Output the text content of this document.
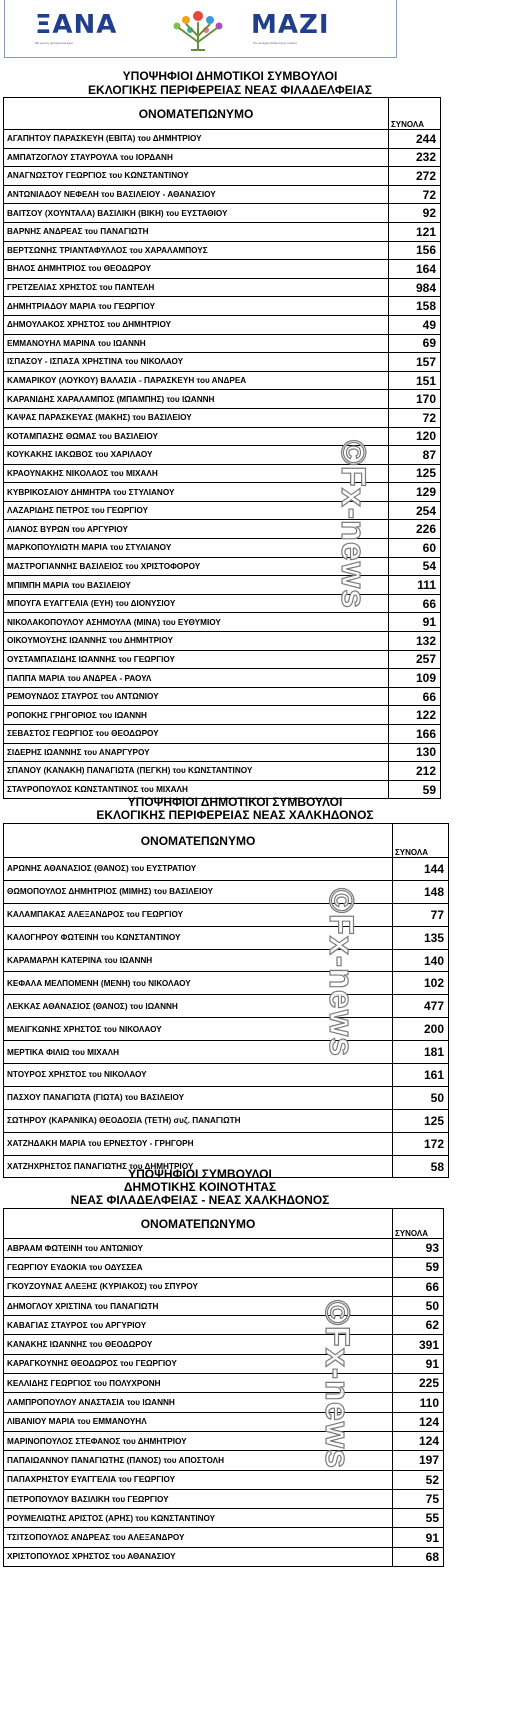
ΞΑΝΑ
Με γνώση, εμπειρία και έργο
ΜΑΖΙ
Για συνέχεια δίπλα στους πολίτες
ΥΠΟΨΗΦΙΟΙ ΔΗΜΟΤΙΚΟΙ ΣΥΜΒΟΥΛΟΙ
ΕΚΛΟΓΙΚΗΣ ΠΕΡΙΦΕΡΕΙΑΣ ΝΕΑΣ ΦΙΛΑΔΕΛΦΕΙΑΣ
ΟΝΟΜΑΤΕΠΩΝΥΜΟ	ΣΥΝΟΛΑ
ΑΓΑΠΗΤΟΥ ΠΑΡΑΣΚΕΥΗ (ΕΒΙΤΑ) του ΔΗΜΗΤΡΙΟΥ	244
ΑΜΠΑΤΖΟΓΛΟΥ ΣΤΑΥΡΟΥΛΑ του ΙΟΡΔΑΝΗ	232
ΑΝΑΓΝΩΣΤΟΥ ΓΕΩΡΓΙΟΣ του ΚΩΝΣΤΑΝΤΙΝΟΥ	272
ΑΝΤΩΝΙΑΔΟΥ ΝΕΦΕΛΗ του ΒΑΣΙΛΕΙΟΥ - ΑΘΑΝΑΣΙΟΥ	72
ΒΑΙΤΣΟΥ (ΧΟΥΝΤΑΛΑ) ΒΑΣΙΛΙΚΗ (ΒΙΚΗ) του ΕΥΣΤΑΘΙΟΥ	92
ΒΑΡΝΗΣ ΑΝΔΡΕΑΣ του ΠΑΝΑΓΙΩΤΗ	121
ΒΕΡΤΣΩΝΗΣ ΤΡΙΑΝΤΑΦΥΛΛΟΣ του ΧΑΡΑΛΑΜΠΟΥΣ	156
ΒΗΛΟΣ ΔΗΜΗΤΡΙΟΣ του ΘΕΟΔΩΡΟΥ	164
ΓΡΕΤΖΕΛΙΑΣ ΧΡΗΣΤΟΣ του ΠΑΝΤΕΛΗ	984
ΔΗΜΗΤΡΙΑΔΟΥ ΜΑΡΙΑ του ΓΕΩΡΓΙΟΥ	158
ΔΗΜΟΥΛΑΚΟΣ ΧΡΗΣΤΟΣ του ΔΗΜΗΤΡΙΟΥ	49
ΕΜΜΑΝΟΥΗΛ ΜΑΡΙΝΑ του ΙΩΑΝΝΗ	69
ΙΣΠΑΣΟΥ - ΙΣΠΑΣΑ ΧΡΗΣΤΙΝΑ του ΝΙΚΟΛΑΟΥ	157
ΚΑΜΑΡΙΚΟΥ (ΛΟΥΚΟΥ) ΒΑΛΑΣΙΑ - ΠΑΡΑΣΚΕΥΗ του ΑΝΔΡΕΑ	151
ΚΑΡΑΝΙΔΗΣ ΧΑΡΑΛΑΜΠΟΣ (ΜΠΑΜΠΗΣ) του ΙΩΑΝΝΗ	170
ΚΑΨΑΣ ΠΑΡΑΣΚΕΥΑΣ (ΜΑΚΗΣ) του ΒΑΣΙΛΕΙΟΥ	72
ΚΟΤΑΜΠΑΣΗΣ ΘΩΜΑΣ του ΒΑΣΙΛΕΙΟΥ	120
ΚΟΥΚΑΚΗΣ ΙΑΚΩΒΟΣ του ΧΑΡΙΛΑΟΥ	87
ΚΡΑΟΥΝΑΚΗΣ ΝΙΚΟΛΑΟΣ του ΜΙΧΑΛΗ	125
ΚΥΒΡΙΚΟΣΑΙΟΥ ΔΗΜΗΤΡΑ του ΣΤΥΛΙΑΝΟΥ	129
ΛΑΖΑΡΙΔΗΣ ΠΕΤΡΟΣ του ΓΕΩΡΓΙΟΥ	254
ΛΙΑΝΟΣ ΒΥΡΩΝ του ΑΡΓΥΡΙΟΥ	226
ΜΑΡΚΟΠΟΥΛΙΩΤΗ ΜΑΡΙΑ του ΣΤΥΛΙΑΝΟΥ	60
ΜΑΣΤΡΟΓΙΑΝΝΗΣ ΒΑΣΙΛΕΙΟΣ του ΧΡΙΣΤΟΦΟΡΟΥ	54
ΜΠΙΜΠΗ ΜΑΡΙΑ του ΒΑΣΙΛΕΙΟΥ	111
ΜΠΟΥΓΑ ΕΥΑΓΓΕΛΙΑ (ΕΥΗ) του ΔΙΟΝΥΣΙΟΥ	66
ΝΙΚΟΛΑΚΟΠΟΥΛΟΥ ΑΣΗΜΟΥΛΑ (ΜΙΝΑ) του ΕΥΘΥΜΙΟΥ	91
ΟΙΚΟΥΜΟΥΣΗΣ ΙΩΑΝΝΗΣ του ΔΗΜΗΤΡΙΟΥ	132
ΟΥΣΤΑΜΠΑΣΙΔΗΣ ΙΩΑΝΝΗΣ του ΓΕΩΡΓΙΟΥ	257
ΠΑΠΠΑ ΜΑΡΙΑ του ΑΝΔΡΕΑ - ΡΑΟΥΛ	109
ΡΕΜΟΥΝΔΟΣ ΣΤΑΥΡΟΣ του ΑΝΤΩΝΙΟΥ	66
ΡΟΠΟΚΗΣ ΓΡΗΓΟΡΙΟΣ του ΙΩΑΝΝΗ	122
ΣΕΒΑΣΤΟΣ ΓΕΩΡΓΙΟΣ του ΘΕΟΔΩΡΟΥ	166
ΣΙΔΕΡΗΣ ΙΩΑΝΝΗΣ του ΑΝΑΡΓΥΡΟΥ	130
ΣΠΑΝΟΥ (ΚΑΝΑΚΗ) ΠΑΝΑΓΙΩΤΑ (ΠΕΓΚΗ) του ΚΩΝΣΤΑΝΤΙΝΟΥ	212
ΣΤΑΥΡΟΠΟΥΛΟΣ ΚΩΝΣΤΑΝΤΙΝΟΣ του ΜΙΧΑΛΗ	59
ΥΠΟΨΗΦΙΟΙ ΔΗΜΟΤΙΚΟΙ ΣΥΜΒΟΥΛΟΙ
ΕΚΛΟΓΙΚΗΣ ΠΕΡΙΦΕΡΕΙΑΣ ΝΕΑΣ ΧΑΛΚΗΔΟΝΟΣ
ΟΝΟΜΑΤΕΠΩΝΥΜΟ	ΣΥΝΟΛΑ
ΑΡΩΝΗΣ ΑΘΑΝΑΣΙΟΣ (ΘΑΝΟΣ) του ΕΥΣΤΡΑΤΙΟΥ	144
ΘΩΜΟΠΟΥΛΟΣ ΔΗΜΗΤΡΙΟΣ (ΜΙΜΗΣ) του ΒΑΣΙΛΕΙΟΥ	148
ΚΑΛΑΜΠΑΚΑΣ ΑΛΕΞΑΝΔΡΟΣ του ΓΕΩΡΓΙΟΥ	77
ΚΑΛΟΓΗΡΟΥ ΦΩΤΕΙΝΗ του ΚΩΝΣΤΑΝΤΙΝΟΥ	135
ΚΑΡΑΜΑΡΛΗ ΚΑΤΕΡΙΝΑ του ΙΩΑΝΝΗ	140
ΚΕΦΑΛΑ ΜΕΛΠΟΜΕΝΗ (ΜΕΝΗ) του ΝΙΚΟΛΑΟΥ	102
ΛΕΚΚΑΣ ΑΘΑΝΑΣΙΟΣ (ΘΑΝΟΣ) του ΙΩΑΝΝΗ	477
ΜΕΛΙΓΚΩΝΗΣ ΧΡΗΣΤΟΣ του ΝΙΚΟΛΑΟΥ	200
ΜΕΡΤΙΚΑ ΦΙΛΙΩ του ΜΙΧΑΛΗ	181
ΝΤΟΥΡΟΣ ΧΡΗΣΤΟΣ του ΝΙΚΟΛΑΟΥ	161
ΠΑΣΧΟΥ ΠΑΝΑΓΙΩΤΑ (ΓΙΩΤΑ) του ΒΑΣΙΛΕΙΟΥ	50
ΣΩΤΗΡΟΥ (ΚΑΡΑΝΙΚΑ) ΘΕΟΔΟΣΙΑ (ΤΕΤΗ) συζ. ΠΑΝΑΓΙΩΤΗ	125
ΧΑΤΖΗΔΑΚΗ ΜΑΡΙΑ του ΕΡΝΕΣΤΟΥ - ΓΡΗΓΟΡΗ	172
ΧΑΤΖΗΧΡΗΣΤΟΣ ΠΑΝΑΓΙΩΤΗΣ του ΔΗΜΗΤΡΙΟΥ	58
ΥΠΟΨΗΦΙΟΙ ΣΥΜΒΟΥΛΟΙ
ΔΗΜΟΤΙΚΗΣ ΚΟΙΝΟΤΗΤΑΣ
ΝΕΑΣ ΦΙΛΑΔΕΛΦΕΙΑΣ - ΝΕΑΣ ΧΑΛΚΗΔΟΝΟΣ
ΟΝΟΜΑΤΕΠΩΝΥΜΟ	ΣΥΝΟΛΑ
ΑΒΡΑΑΜ ΦΩΤΕΙΝΗ του ΑΝΤΩΝΙΟΥ	93
ΓΕΩΡΓΙΟΥ ΕΥΔΟΚΙΑ του ΟΔΥΣΣΕΑ	59
ΓΚΟΥΖΟΥΝΑΣ ΑΛΕΞΗΣ (ΚΥΡΙΑΚΟΣ) του ΣΠΥΡΟΥ	66
ΔΗΜΟΓΛΟΥ ΧΡΙΣΤΙΝΑ του ΠΑΝΑΓΙΩΤΗ	50
ΚΑΒΑΓΙΑΣ ΣΤΑΥΡΟΣ του ΑΡΓΥΡΙΟΥ	62
ΚΑΝΑΚΗΣ ΙΩΑΝΝΗΣ του ΘΕΟΔΩΡΟΥ	391
ΚΑΡΑΓΚΟΥΝΗΣ ΘΕΟΔΩΡΟΣ του ΓΕΩΡΓΙΟΥ	91
ΚΕΛΛΙΔΗΣ ΓΕΩΡΓΙΟΣ του ΠΟΛΥΧΡΟΝΗ	225
ΛΑΜΠΡΟΠΟΥΛΟΥ ΑΝΑΣΤΑΣΙΑ του ΙΩΑΝΝΗ	110
ΛΙΒΑΝΙΟΥ ΜΑΡΙΑ του ΕΜΜΑΝΟΥΗΛ	124
ΜΑΡΙΝΟΠΟΥΛΟΣ ΣΤΕΦΑΝΟΣ του ΔΗΜΗΤΡΙΟΥ	124
ΠΑΠΑΙΩΑΝΝΟΥ ΠΑΝΑΓΙΩΤΗΣ (ΠΑΝΟΣ) του ΑΠΟΣΤΟΛΗ	197
ΠΑΠΑΧΡΗΣΤΟΥ ΕΥΑΓΓΕΛΙΑ του ΓΕΩΡΓΙΟΥ	52
ΠΕΤΡΟΠΟΥΛΟΥ ΒΑΣΙΛΙΚΗ του ΓΕΩΡΓΙΟΥ	75
ΡΟΥΜΕΛΙΩΤΗΣ ΑΡΙΣΤΟΣ (ΑΡΗΣ) του ΚΩΝΣΤΑΝΤΙΝΟΥ	55
ΤΣΙΤΣΟΠΟΥΛΟΣ ΑΝΔΡΕΑΣ του ΑΛΕΞΑΝΔΡΟΥ	91
ΧΡΙΣΤΟΠΟΥΛΟΣ ΧΡΗΣΤΟΣ του ΑΘΑΝΑΣΙΟΥ	68
©Fx-news
©Fx-news
©Fx-news
